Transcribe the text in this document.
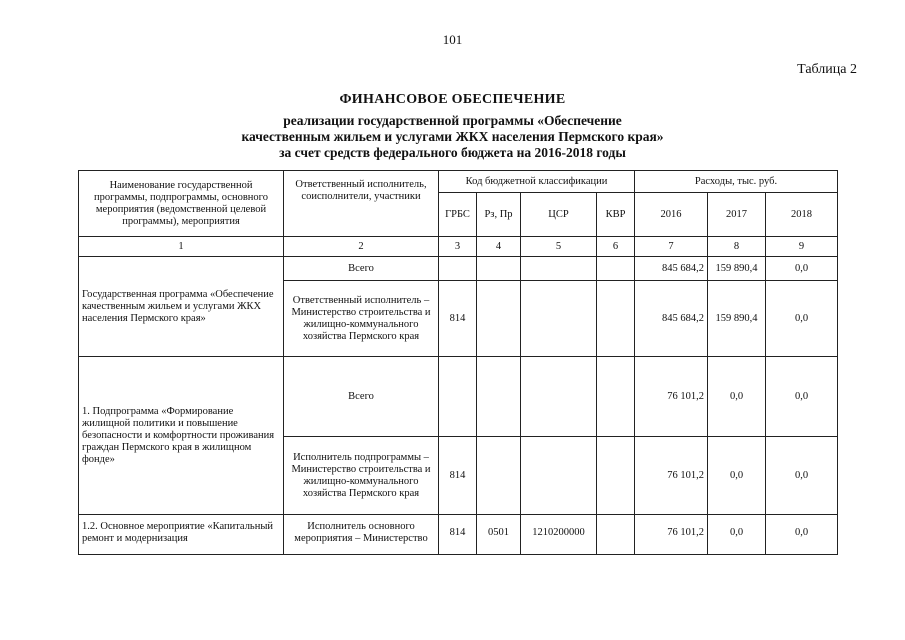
101
Таблица 2
ФИНАНСОВОЕ ОБЕСПЕЧЕНИЕ
реализации государственной программы «Обеспечение
качественным жильем и услугами ЖКХ населения Пермского края»
за счет средств федерального бюджета на 2016-2018 годы
Наименование государственной программы, подпрограммы, основного мероприятия (ведомственной целевой программы), мероприятия	Ответственный исполнитель, соисполнители, участники	Код бюджетной классификации				Расходы, тыс. руб.		
		ГРБС	Рз, Пр	ЦСР	КВР	2016	2017	2018
1	2	3	4	5	6	7	8	9
Государственная программа «Обеспечение качественным жильем и услугами ЖКХ населения Пермского края»	Всего					845 684,2	159 890,4	0,0
	Ответственный исполнитель – Министерство строительства и жилищно-коммунального хозяйства Пермского края	814				845 684,2	159 890,4	0,0
1. Подпрограмма «Формирование жилищной политики и повышение безопасности и комфортности проживания граждан Пермского края в жилищном фонде»	Всего					76 101,2	0,0	0,0
	Исполнитель подпрограммы – Министерство строительства и жилищно-коммунального хозяйства Пермского края	814				76 101,2	0,0	0,0
1.2. Основное мероприятие «Капитальный ремонт и модернизация	Исполнитель основного мероприятия – Министерство	814	0501	1210200000		76 101,2	0,0	0,0
